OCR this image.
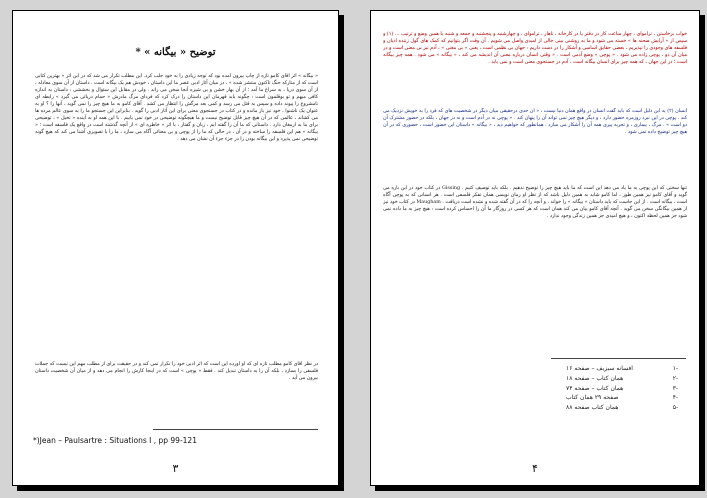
توضيح « بيگانه » *

« بیگانه » اثر آقای کامو تازه از چاپ بیرون آمده بود که توجه زیادی را به خود جلب کرد. این مطلب تکرار می شد که در این اثر « بهترین کتابی است که از متارکه جنگ تاکنون منتشر شده » ، در میان آثار ادبی عصر ما این داستان ، خودش هم یک بیگانه است . داستان از آن سوی معادله ، از آن سوی دریا ، به سراغ ما آمد ؛ از آن بهار خشن و بی شیره آنجا سخن می راند . ولی در مقابل این سئوال و بخششی : داستان به اندازه کافی مبهم و تو بوقلمون است : چگونه باید قهرمان این داستان را درک کرد که فردای مرگ مادرش « حمام دریائی می گیرد » رابطه ای نامشروع را پیوند داده و سپس به قتل می رسد و کمی بعد مرگش را انتظار می کشد . آقای کامو به ما هیچ چیز را نمی گوید ، آنها را ؟ او به عنوان یک ناشنوا ، خود نیز باز مانده و در کتاب در جستجوی معنی برای این آثار ادبی را گوید . بنابراین این جستجو ما را به سوی عالم مرده ها می کشاند ، عالمی که در آن هیچ چیز قابل توضیح نیست و ما هیچگونه توضیحی در خود نمی یابیم . با این همه او به آینده « تخیل » ، توضیحی برای ما به ارمغان دارد . داستانی که ما آن را گفته ایم ، زبان و گفتار ، با اثر « خاطره ای » از آنچه گذشته است در واقع یک فلسفه است ؛ « بیگانه » هم این فلسفه را ساخته و در آن ، در حالی که ما را از پوچی و بی معنائی آگاه می سازد ، ما را با تصویری آشنا می کند که هیچ گونه توضیحی نمی پذیرد و این بیگانه بودن را در جزء جزء آن نشان می دهد .

در نظر آقای کامو مطلب تازه ای که او آورده این است که اثر ادبی خود را تکرار نمی کند و در حقیقت برای از مطلب مهم این نیست که جملات فلسفی را بسازد ، بلکه آن را به داستان تبدیل کند . فقط « پوچی » است که در اینجا کارش را انجام می دهد و از میان آن شخصیت داستان بیرون می آید .

*)Jean – Paulsartre : Situations I , pp 99-121
۳

خواب برخاستن ، تراموای ، چهار ساعت کار در دفتر یا در کارخانه ، ناهار ، تراموای ، و چهارشنبه و پنجشنبه و جمعه و شنبه با همین وضع و ترتیب ... (۱) و سپس از « آرایش صحنه ها » خسته می شود و ما به روشنی بینی خالی از امیدی واصل می شویم . آن وقت اگر بتوانیم که کمک های گول زننده ادیان و فلسفه های وجودی را نپذیریم ، بعضی حقایق اساسی و آشکار را در دست داریم : جهان بی نظمی است ، یعنی « بی معنی » ، آدم نیز بی معنی است و در میان آن دو ، پوچی زاده می شود . « پوچی » وضع آدمی است . « وقتی انسان درباره معنی آن اندیشه می کند ، « بیگانه » می شود . همه چیز بیگانه است ؛ در این جهان ، که همه چیز برای انسان بیگانه است ، آدم در جستجوی معنی است و نمی یابد .

انسان (۲) به این دلیل است که باید گفت انسان در واقع همان دنیا نیست ، « آن حدی درحقیقی میان دیگر در شخصیت های که فرد را به خویش نزدیک می کند . پوچی در این نبرد روزمره حضور دارد ، و دیگر هیچ چیز نمی تواند آن را پنهان کند . « پوچی نه در آدم است و نه در جهان ، بلکه در حضور مشترک آن دو است » . مرگ ، بیماری ، و تجربه پیری همه آن را آشکار می سازد . همانطور که خواهیم دید ، « بیگانه » داستان این حضور است ، حضوری که در آن هیچ چیز توضیح داده نمی شود .

تنها سخنی که این پوچی به ما یاد می دهد این است که ما باید هیچ چیز را توضیح ندهیم . بلکه باید توصیف کنیم . Gissing در کتاب خود در این باره می گوید و آقای کامو نیز همین طور ، اما کامو شاید به همین دلیل باشد که از نظر او رمان نویسی همان تفکر فلسفی است . هر انسانی که به پوچی آگاه است ، بیگانه است . از این جاست که باید داستان « بیگانه » را خواند ، و آنچه را که در آن گفته شده و نشده است دریافت . Maugham در کتاب خود نیز از همین بیگانگی سخن می گوید . آنچه آقای کامو بیان می کند همان است که هر کسی در روزگار ما آن را احساس کرده است : هیچ چیز به ما داده نمی شود جز همین لحظه اکنون ، و هیچ امیدی جز همین زندگی وجود ندارد .

-۱
افسانه سیزیف – صفحه ۱۶
-۲
همان کتاب – صفحه ۱۸
-۳
همان کتاب – صفحه ۷۴
-۴
صفحه ۲۹ همان کتاب
-۵
همان کتاب صفحه ۸۸
۴
